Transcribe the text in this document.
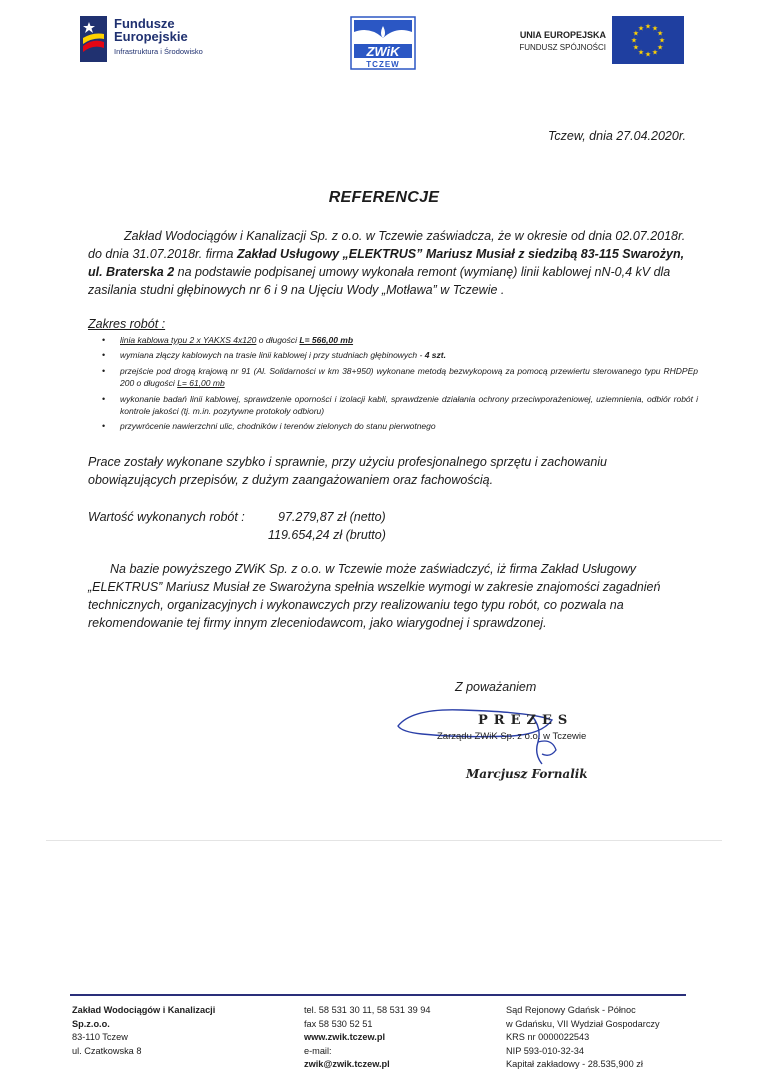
Fundusze
Europejskie
Infrastruktura i Środowisko	ZWiK
TCZEW
UNIA EUROPEJSKA
FUNDUSZ SPÓJNOŚCI
★ ★
★
★
★
★
★
★
★
★
★
★
Tczew, dnia 27.04.2020r.
REFERENCJE
Zakład Wodociągów i Kanalizacji Sp. z o.o. w Tczewie zaświadcza, że w okresie od dnia 02.07.2018r. do dnia 31.07.2018r. firma Zakład Usługowy „ELEKTRUS” Mariusz Musiał z siedzibą 83-115 Swarożyn, ul. Braterska 2 na podstawie podpisanej umowy wykonała remont (wymianę) linii kablowej nN-0,4 kV dla zasilania studni głębinowych nr 6 i 9 na Ujęciu Wody „Motława” w Tczewie .
Zakres robót :
• linia kablowa typu 2 x YAKXS 4x120 o długości L= 566,00 mb
• wymiana złączy kablowych na trasie linii kablowej i przy studniach głębinowych - 4 szt.
• przejście pod drogą krajową nr 91 (Al. Solidarności w km 38+950) wykonane metodą bezwykopową za pomocą przewiertu sterowanego typu RHDPEp 200 o długości L= 61,00 mb
• wykonanie badań linii kablowej, sprawdzenie oporności i izolacji kabli, sprawdzenie działania ochrony przeciwporażeniowej, uziemnienia, odbiór robót i kontrole jakości (tj. m.in. pozytywne protokoły odbioru)
• przywrócenie nawierzchni ulic, chodników i terenów zielonych do stanu pierwotnego
Prace zostały wykonane szybko i sprawnie, przy użyciu profesjonalnego sprzętu i zachowaniu obowiązujących przepisów, z dużym zaangażowaniem oraz fachowością.
Wartość wykonanych robót :	97.279,87 zł (netto)
119.654,24 zł (brutto)
Na bazie powyższego ZWiK Sp. z o.o. w Tczewie może zaświadczyć, iż firma Zakład Usługowy „ELEKTRUS” Mariusz Musiał ze Swarożyna spełnia wszelkie wymogi w zakresie znajomości zagadnień technicznych, organizacyjnych i wykonawczych przy realizowaniu tego typu robót, co pozwala na rekomendowanie tej firmy innym zleceniodawcom, jako wiarygodnej i sprawdzonej.
Z poważaniem
PREZES
Zarządu ZWiK Sp. z o.o. w Tczewie
Marcjusz Fornalik
Zakład Wodociągów i Kanalizacji
Sp.z.o.o.
83-110 Tczew
ul. Czatkowska 8
tel. 58 531 30 11, 58 531 39 94
fax 58 530 52 51
www.zwik.tczew.pl
e-mail:
zwik@zwik.tczew.pl
Sąd Rejonowy Gdańsk - Północ
w Gdańsku, VII Wydział Gospodarczy
KRS nr 0000022543
NIP 593-010-32-34
Kapitał zakładowy - 28.535,900 zł
